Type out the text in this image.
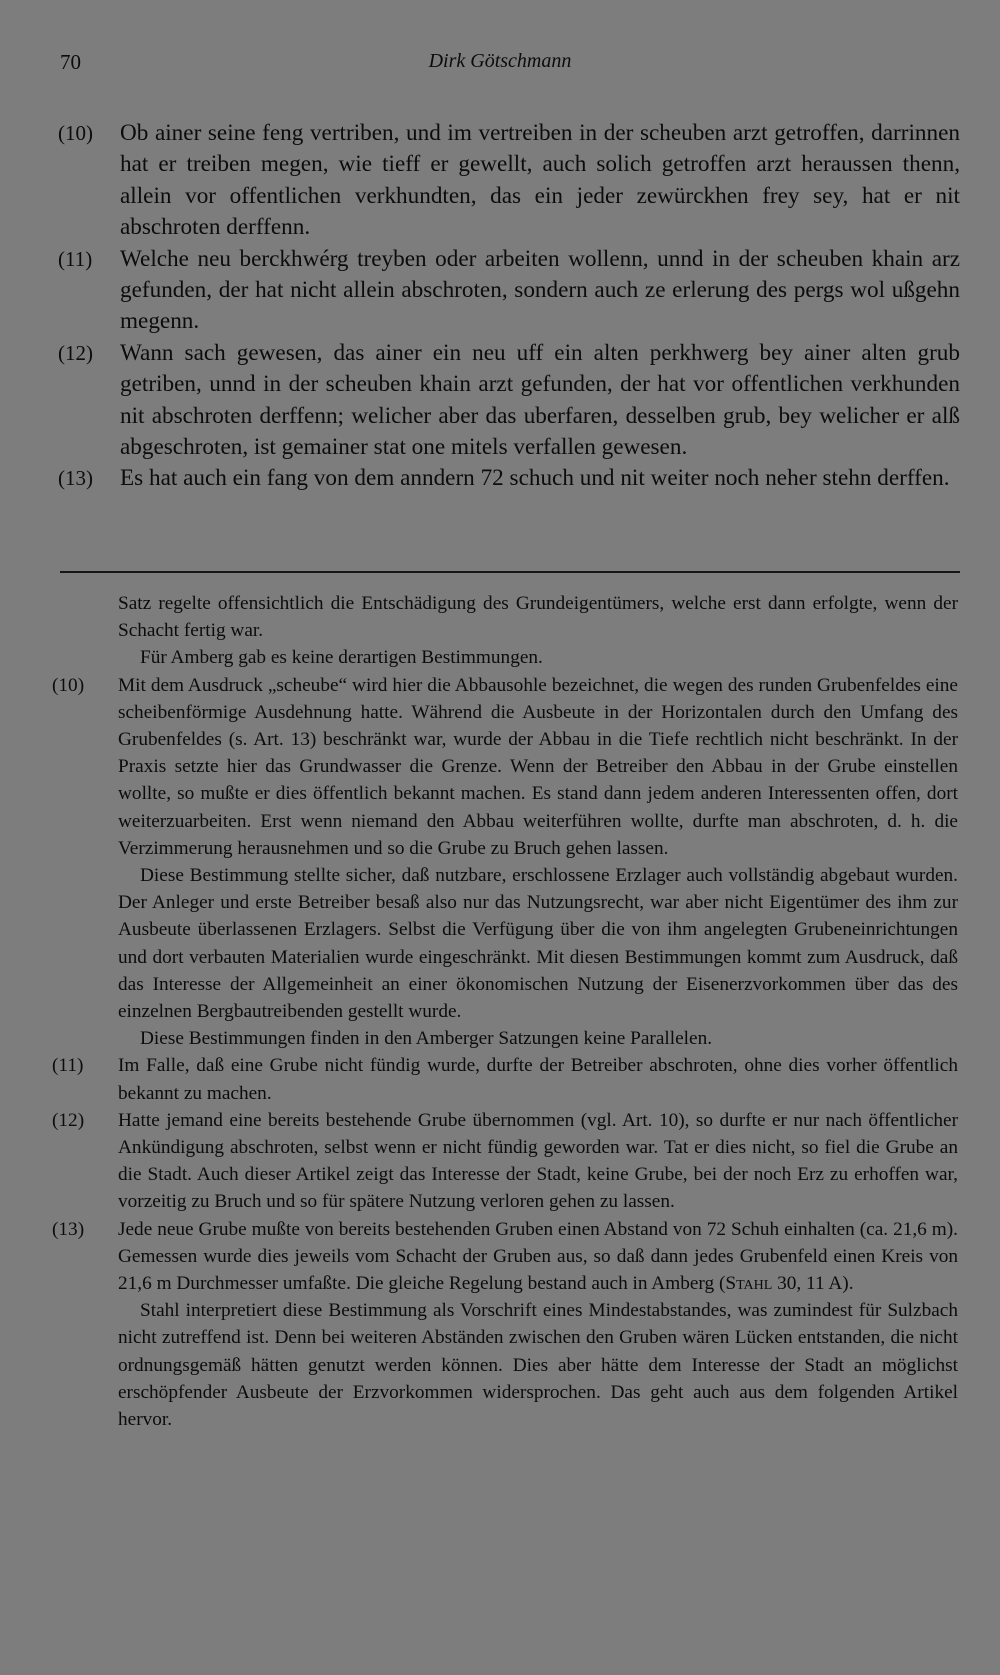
70	Dirk Götschmann
(10)	Ob ainer seine feng vertriben, und im vertreiben in der scheuben arzt getroffen, darrinnen hat er treiben megen, wie tieff er gewellt, auch solich getroffen arzt heraussen thenn, allein vor offentlichen verkhundten, das ein jeder zewürckhen frey sey, hat er nit abschroten derffenn.
(11)	Welche neu berckhwérg treyben oder arbeiten wollenn, unnd in der scheuben khain arz gefunden, der hat nicht allein abschroten, sondern auch ze erlerung des pergs wol ußgehn megenn.
(12)	Wann sach gewesen, das ainer ein neu uff ein alten perkhwerg bey ainer alten grub getriben, unnd in der scheuben khain arzt gefunden, der hat vor offentlichen verkhunden nit abschroten derffenn; welicher aber das uberfaren, desselben grub, bey welicher er alß abgeschroten, ist gemainer stat one mitels verfallen gewesen.
(13)	Es hat auch ein fang von dem anndern 72 schuch und nit weiter noch neher stehn derffen.

Satz regelte offensichtlich die Entschädigung des Grundeigentümers, welche erst dann erfolgte, wenn der Schacht fertig war.

Für Amberg gab es keine derartigen Bestimmungen.

(10)	Mit dem Ausdruck „scheube“ wird hier die Abbausohle bezeichnet, die wegen des runden Grubenfeldes eine scheibenförmige Ausdehnung hatte. Während die Ausbeute in der Horizontalen durch den Umfang des Grubenfeldes (s. Art. 13) beschränkt war, wurde der Abbau in die Tiefe rechtlich nicht beschränkt. In der Praxis setzte hier das Grundwasser die Grenze. Wenn der Betreiber den Abbau in der Grube einstellen wollte, so mußte er dies öffentlich bekannt machen. Es stand dann jedem anderen Interessenten offen, dort weiterzuarbeiten. Erst wenn niemand den Abbau weiterführen wollte, durfte man abschroten, d. h. die Verzimmerung herausnehmen und so die Grube zu Bruch gehen lassen.

Diese Bestimmung stellte sicher, daß nutzbare, erschlossene Erzlager auch vollständig abgebaut wurden. Der Anleger und erste Betreiber besaß also nur das Nutzungsrecht, war aber nicht Eigentümer des ihm zur Ausbeute überlassenen Erzlagers. Selbst die Verfügung über die von ihm angelegten Grubeneinrichtungen und dort verbauten Materialien wurde eingeschränkt. Mit diesen Bestimmungen kommt zum Ausdruck, daß das Interesse der Allgemeinheit an einer ökonomischen Nutzung der Eisenerzvorkommen über das des einzelnen Bergbautreibenden gestellt wurde.

Diese Bestimmungen finden in den Amberger Satzungen keine Parallelen.

(11)	Im Falle, daß eine Grube nicht fündig wurde, durfte der Betreiber abschroten, ohne dies vorher öffentlich bekannt zu machen.

(12)	Hatte jemand eine bereits bestehende Grube übernommen (vgl. Art. 10), so durfte er nur nach öffentlicher Ankündigung abschroten, selbst wenn er nicht fündig geworden war. Tat er dies nicht, so fiel die Grube an die Stadt. Auch dieser Artikel zeigt das Interesse der Stadt, keine Grube, bei der noch Erz zu erhoffen war, vorzeitig zu Bruch und so für spätere Nutzung verloren gehen zu lassen.

(13)	Jede neue Grube mußte von bereits bestehenden Gruben einen Abstand von 72 Schuh einhalten (ca. 21,6 m). Gemessen wurde dies jeweils vom Schacht der Gruben aus, so daß dann jedes Grubenfeld einen Kreis von 21,6 m Durchmesser umfaßte. Die gleiche Regelung bestand auch in Amberg (Stahl 30, 11 A).

Stahl interpretiert diese Bestimmung als Vorschrift eines Mindestabstandes, was zumindest für Sulzbach nicht zutreffend ist. Denn bei weiteren Abständen zwischen den Gruben wären Lücken entstanden, die nicht ordnungsgemäß hätten genutzt werden können. Dies aber hätte dem Interesse der Stadt an möglichst erschöpfender Ausbeute der Erzvorkommen widersprochen. Das geht auch aus dem folgenden Artikel hervor.
